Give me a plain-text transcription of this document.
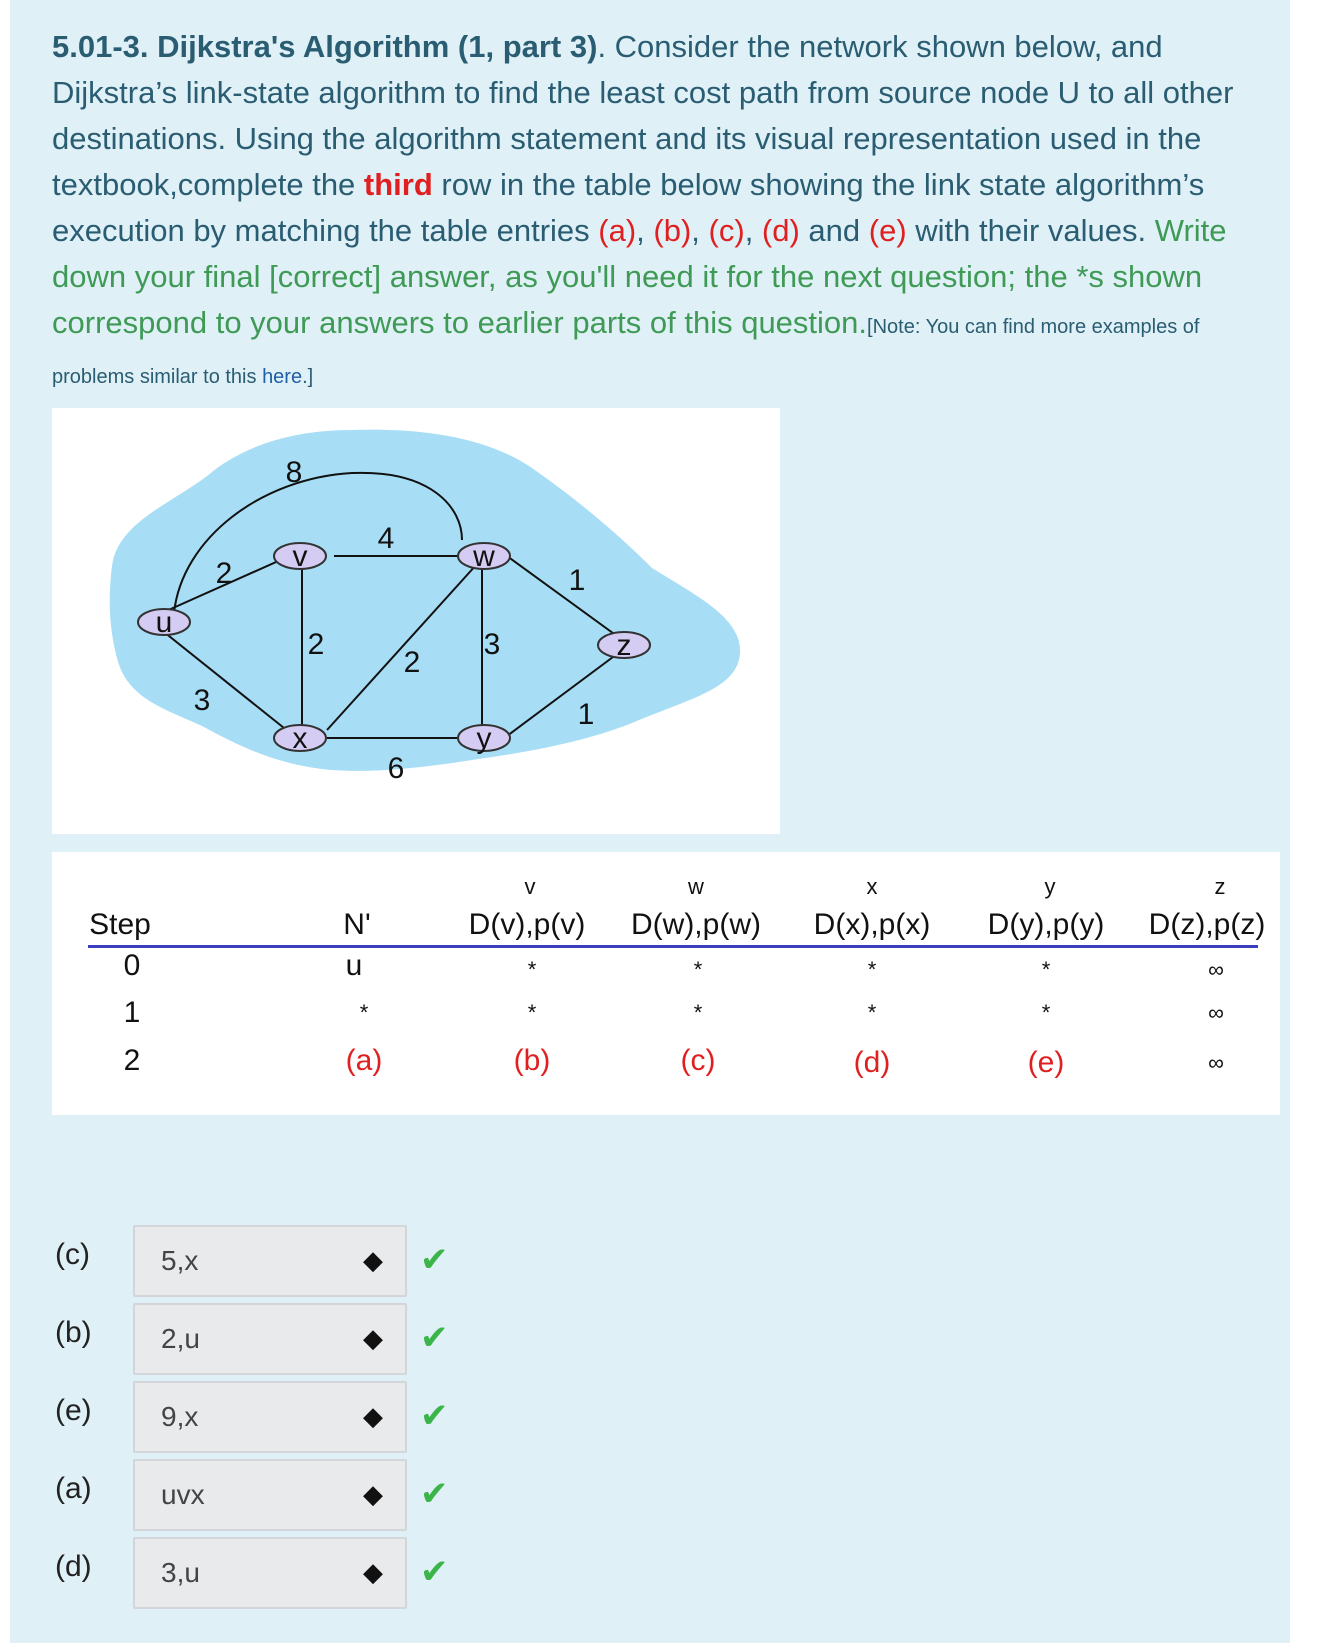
5.01-3. Dijkstra's Algorithm (1, part 3). Consider the network shown below, and Dijkstra’s link-state algorithm to find the least cost path from source node U to all other destinations. Using the algorithm statement and its visual representation used in the textbook,complete the third row in the table below showing the link state algorithm’s execution by matching the table entries (a), (b), (c), (d) and (e) with their values. Write down your final [correct] answer, as you'll need it for the next question; the *s shown correspond to your answers to earlier parts of this question.[Note: You can find more examples of problems similar to this here.]
u
v	w
x	y
z
2
3
8
4
2
2
3
6
1
1
v	w	x	y	z
Step	N'	D(v),p(v)	D(w),p(w)	D(x),p(x)	D(y),p(y)	D(z),p(z)
0	u	*	*	*	*	∞
1	*	*	*	*	*	∞
2	(a)	(b)	(c)	(d)	(e)	∞
(c)	5,x	◆ ✔
(b) 2,u	◆ ✔
(e) 9,x	◆ ✔
(a) uvx	◆ ✔
(d) 3,u	◆ ✔
